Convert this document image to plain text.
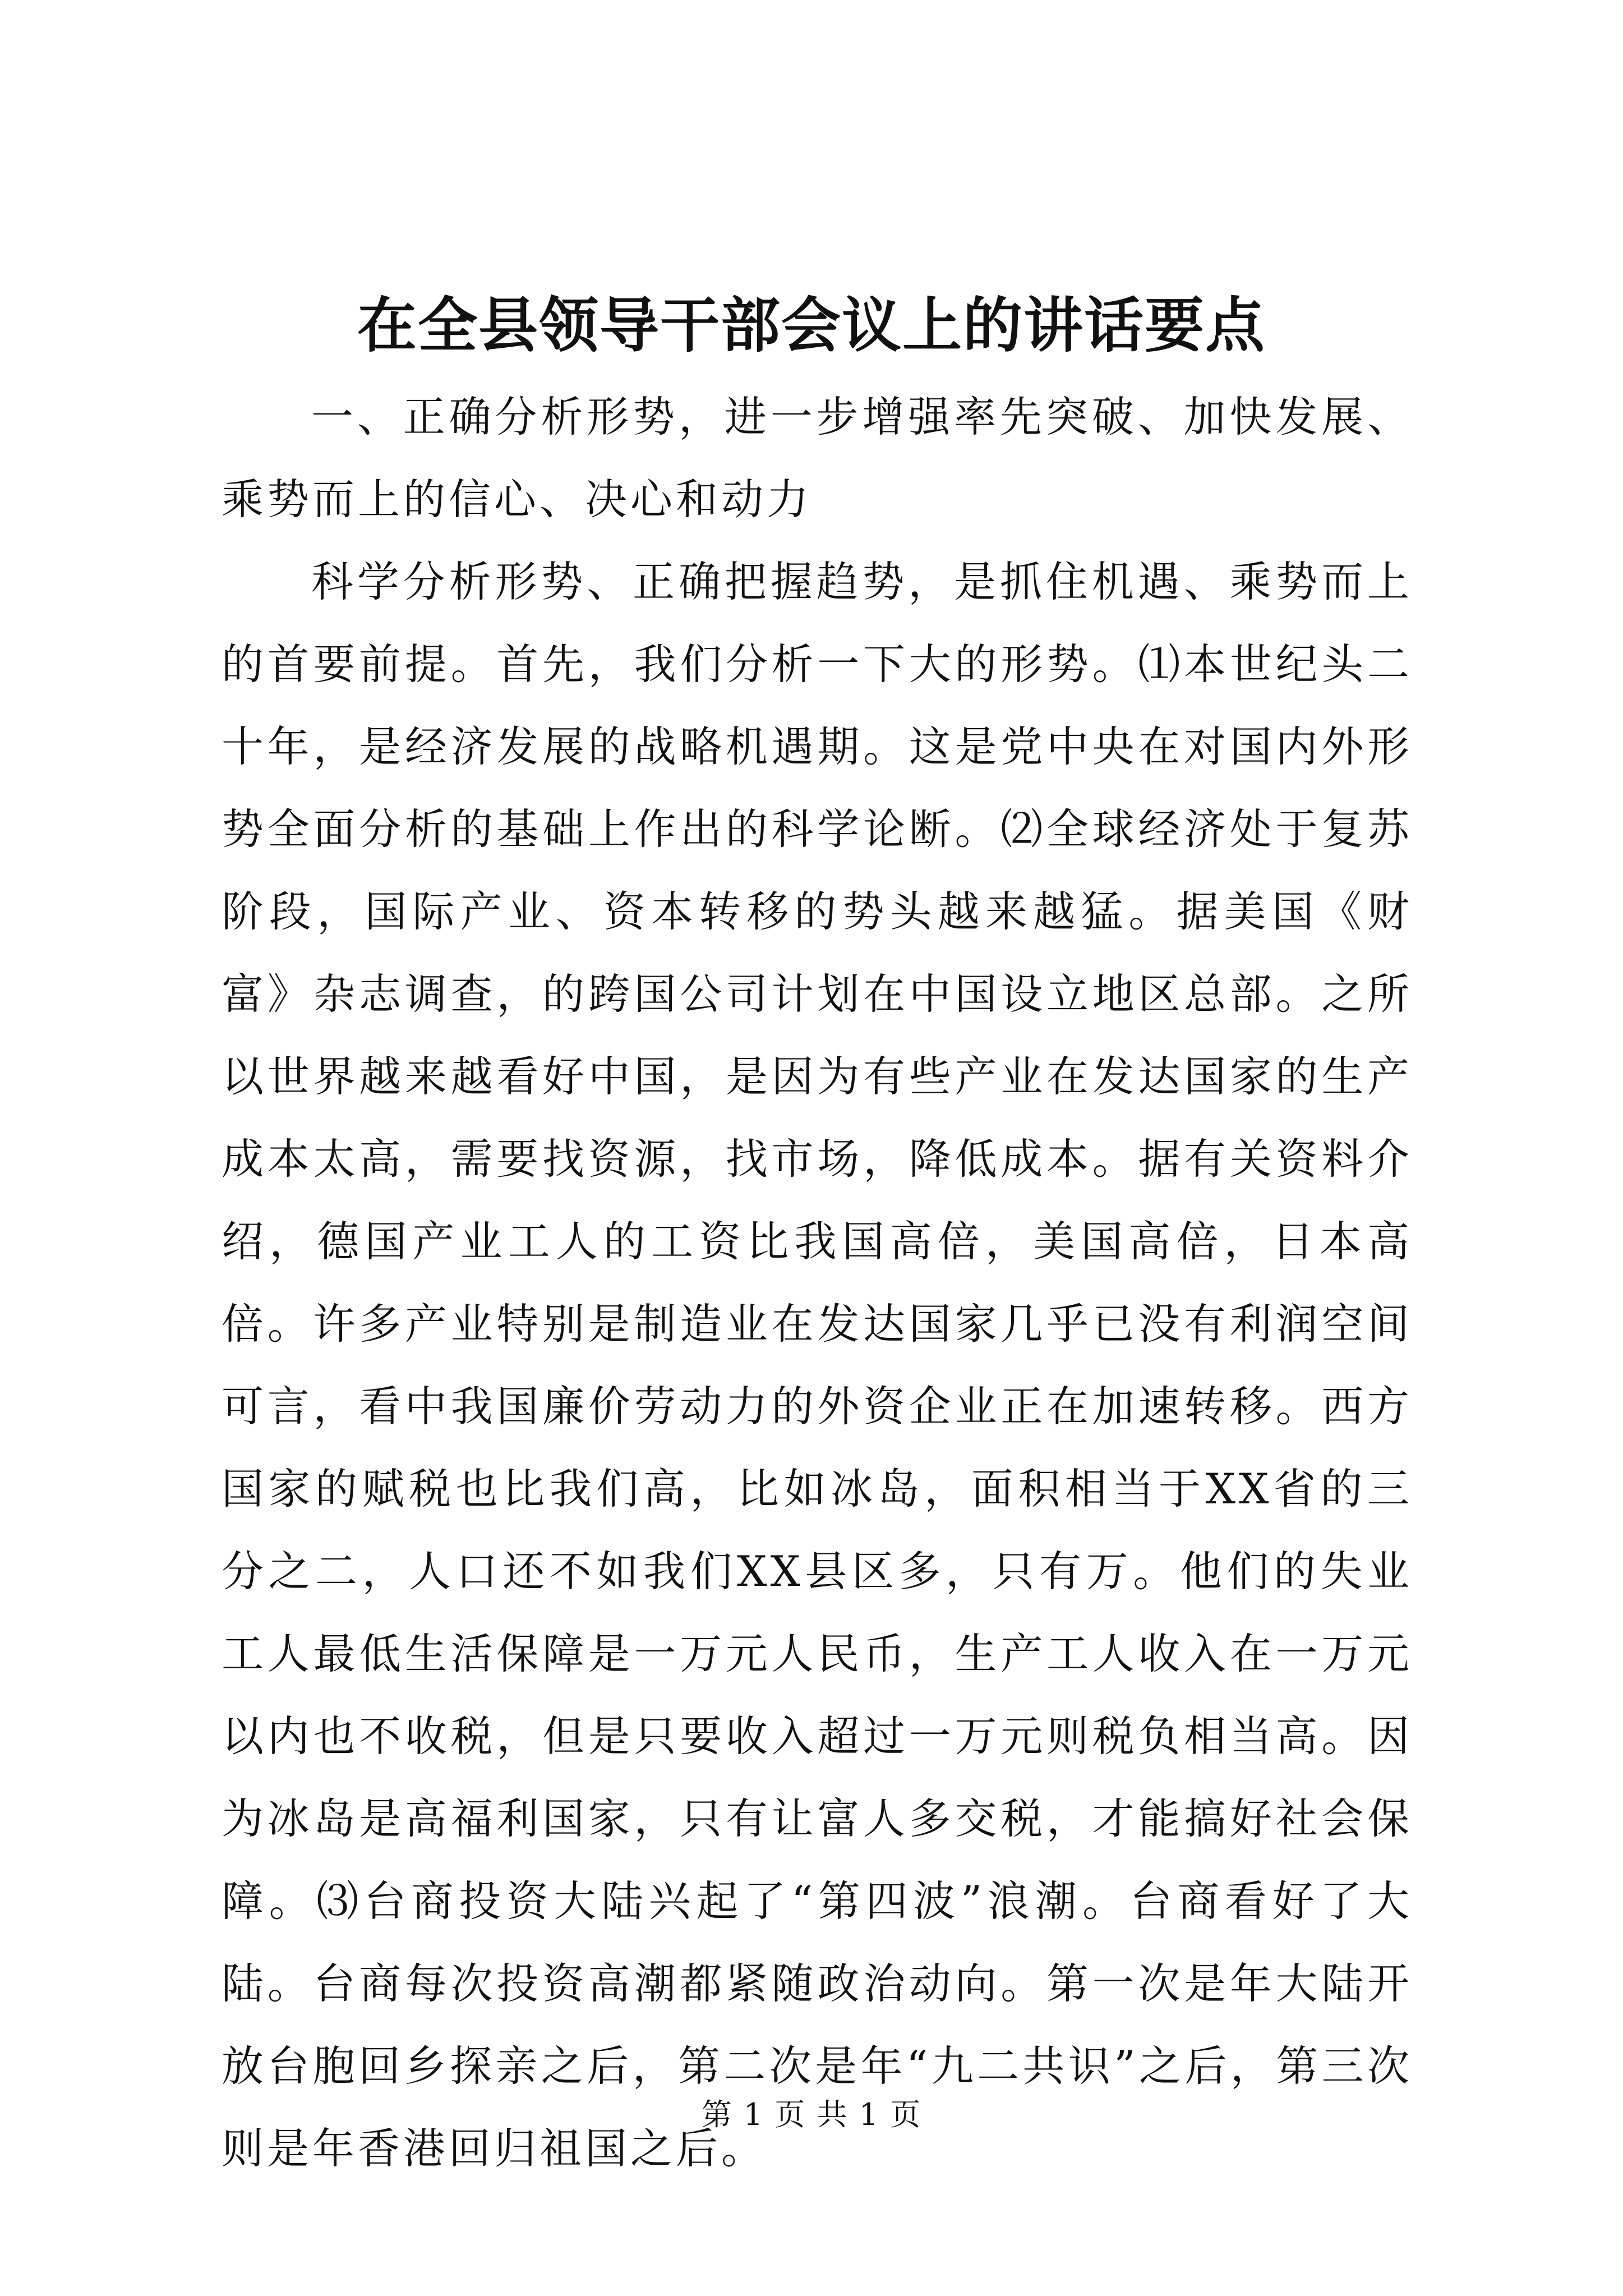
在全县领导干部会议上的讲话要点

一、正确分析形势，进一步增强率先突破、加快发展、乘势而上的信心、决心和动力

科学分析形势、正确把握趋势，是抓住机遇、乘势而上的首要前提。首先，我们分析一下大的形势。⑴本世纪头二十年，是经济发展的战略机遇期。这是党中央在对国内外形势全面分析的基础上作出的科学论断。⑵全球经济处于复苏阶段，国际产业、资本转移的势头越来越猛。据美国《财富》杂志调查，的跨国公司计划在中国设立地区总部。之所以世界越来越看好中国，是因为有些产业在发达国家的生产成本太高，需要找资源，找市场，降低成本。据有关资料介绍，德国产业工人的工资比我国高倍，美国高倍，日本高倍。许多产业特别是制造业在发达国家几乎已没有利润空间可言，看中我国廉价劳动力的外资企业正在加速转移。西方国家的赋税也比我们高，比如冰岛，面积相当于XX省的三分之二，人口还不如我们XX县区多，只有万。他们的失业工人最低生活保障是一万元人民币，生产工人收入在一万元以内也不收税，但是只要收入超过一万元则税负相当高。因为冰岛是高福利国家，只有让富人多交税，才能搞好社会保障。⑶台商投资大陆兴起了“第四波”浪潮。台商看好了大陆。台商每次投资高潮都紧随政治动向。第一次是年大陆开放台胞回乡探亲之后，第二次是年“九二共识”之后，第三次则是年香港回归祖国之后。

第 1 页 共 1 页
